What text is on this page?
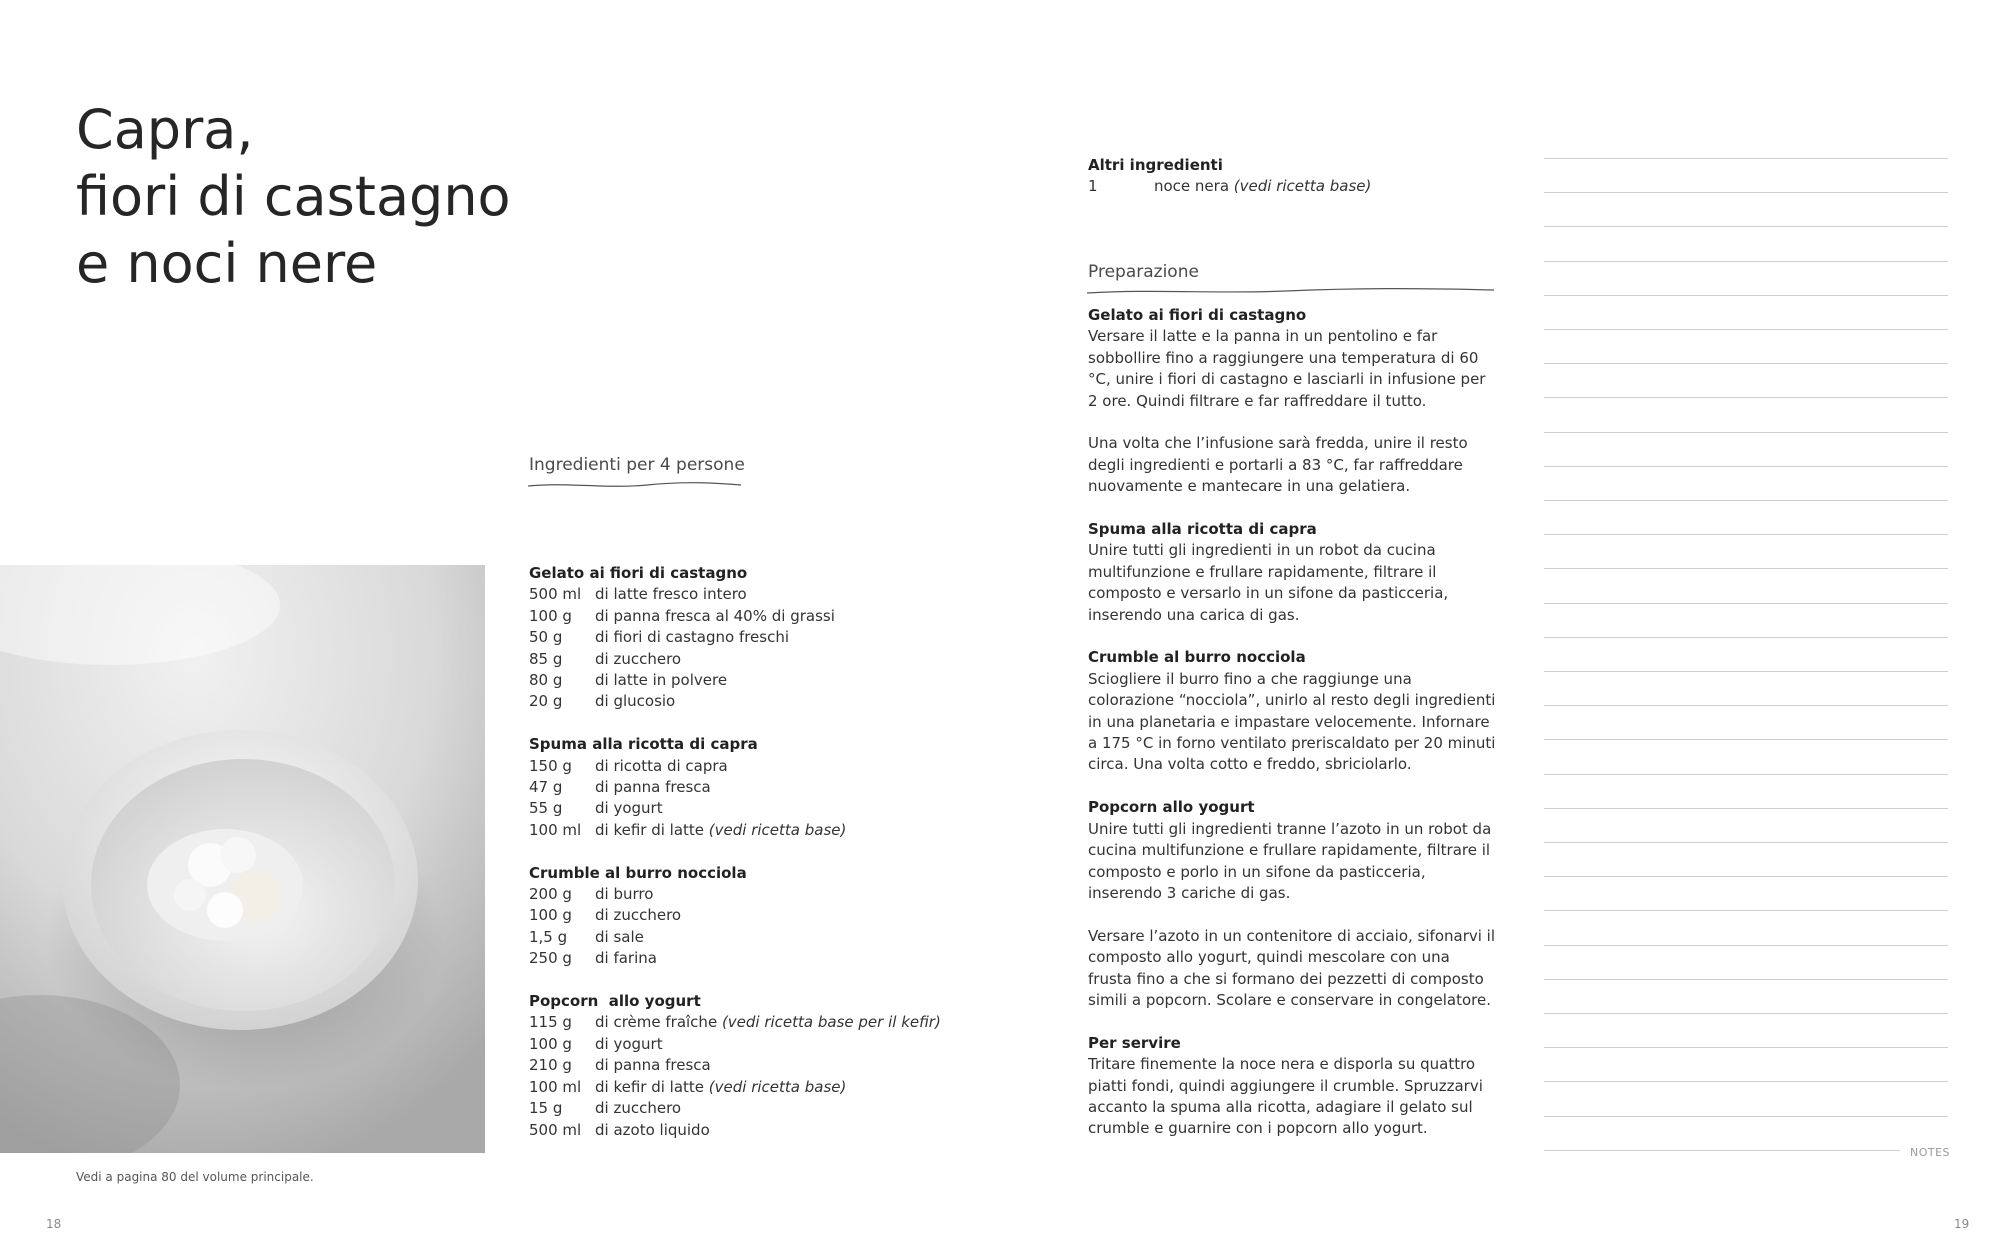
Capra,
fiori di castagno
e noci nere
Vedi a pagina 80 del volume principale.
18	19
Ingredienti per 4 persone
Gelato ai fiori di castagno
500 ml di latte fresco intero
100 g	di panna fresca al 40% di grassi
50 g	di fiori di castagno freschi
85 g	di zucchero
80 g	di latte in polvere
20 g	di glucosio
Spuma alla ricotta di capra
150 g	di ricotta di capra
47 g	di panna fresca
55 g	di yogurt
100 ml di kefir di latte (vedi ricetta base)
Crumble al burro nocciola
200 g	di burro
100 g	di zucchero
1,5 g	di sale
250 g	di farina
Popcorn  allo yogurt
115 g	di crème fraîche (vedi ricetta base per il kefir)
100 g	di yogurt
210 g	di panna fresca
100 ml di kefir di latte (vedi ricetta base)
15 g	di zucchero
500 ml di azoto liquido
Altri ingredienti
1	noce nera (vedi ricetta base)
Preparazione
Gelato ai fiori di castagno

Versare il latte e la panna in un pentolino e far sobbollire fino a raggiungere una temperatura di 60 °C, unire i fiori di castagno e lasciarli in infusione per 2 ore. Quindi filtrare e far raffreddare il tutto.

Una volta che l’infusione sarà fredda, unire il resto degli ingredienti e portarli a 83 °C, far raffreddare nuovamente e mantecare in una gelatiera.

Spuma alla ricotta di capra

Unire tutti gli ingredienti in un robot da cucina multifunzione e frullare rapidamente, filtrare il composto e versarlo in un sifone da pasticceria, inserendo una carica di gas.

Crumble al burro nocciola

Sciogliere il burro fino a che raggiunge una colorazione “nocciola”, unirlo al resto degli ingredienti in una planetaria e impastare velocemente. Infornare a 175 °C in forno ventilato preriscaldato per 20 minuti circa. Una volta cotto e freddo, sbriciolarlo.

Popcorn allo yogurt

Unire tutti gli ingredienti tranne l’azoto in un robot da cucina multifunzione e frullare rapidamente, filtrare il composto e porlo in un sifone da pasticceria, inserendo 3 cariche di gas.

Versare l’azoto in un contenitore di acciaio, sifonarvi il composto allo yogurt, quindi mescolare con una frusta fino a che si formano dei pezzetti di composto simili a popcorn. Scolare e conservare in congelatore.

Per servire

Tritare finemente la noce nera e disporla su quattro piatti fondi, quindi aggiungere il crumble. Spruzzarvi accanto la spuma alla ricotta, adagiare il gelato sul crumble e guarnire con i popcorn allo yogurt.

NOTES
